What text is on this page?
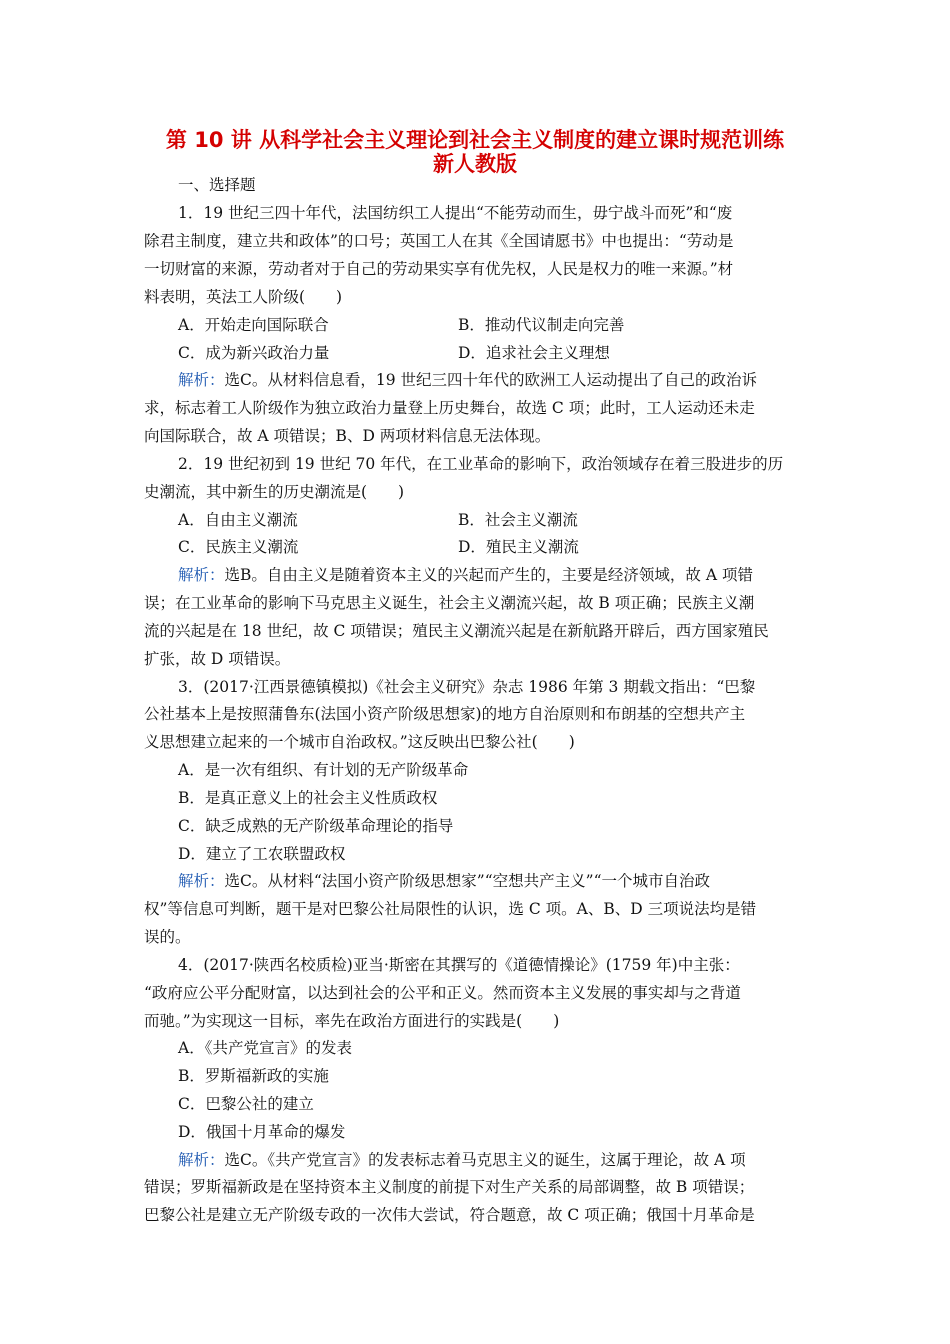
第 10 讲 从科学社会主义理论到社会主义制度的建立课时规范训练
新人教版
一、选择题
1．19 世纪三四十年代，法国纺织工人提出“不能劳动而生，毋宁战斗而死”和“废
除君主制度，建立共和政体”的口号；英国工人在其《全国请愿书》中也提出：“劳动是
一切财富的来源，劳动者对于自己的劳动果实享有优先权，人民是权力的唯一来源。”材
料表明，英法工人阶级(　　)
A．开始走向国际联合	B．推动代议制走向完善
C．成为新兴政治力量	D．追求社会主义理想
解析：选C。从材料信息看，19 世纪三四十年代的欧洲工人运动提出了自己的政治诉
求，标志着工人阶级作为独立政治力量登上历史舞台，故选 C 项；此时，工人运动还未走
向国际联合，故 A 项错误；B、D 两项材料信息无法体现。
2．19 世纪初到 19 世纪 70 年代，在工业革命的影响下，政治领域存在着三股进步的历
史潮流，其中新生的历史潮流是(　　)
A．自由主义潮流	B．社会主义潮流
C．民族主义潮流	D．殖民主义潮流
解析：选B。自由主义是随着资本主义的兴起而产生的，主要是经济领域，故 A 项错
误；在工业革命的影响下马克思主义诞生，社会主义潮流兴起，故 B 项正确；民族主义潮
流的兴起是在 18 世纪，故 C 项错误；殖民主义潮流兴起是在新航路开辟后，西方国家殖民
扩张，故 D 项错误。
3．(2017·江西景德镇模拟)《社会主义研究》杂志 1986 年第 3 期载文指出：“巴黎
公社基本上是按照蒲鲁东(法国小资产阶级思想家)的地方自治原则和布朗基的空想共产主
义思想建立起来的一个城市自治政权。”这反映出巴黎公社(　　)
A．是一次有组织、有计划的无产阶级革命
B．是真正意义上的社会主义性质政权
C．缺乏成熟的无产阶级革命理论的指导
D．建立了工农联盟政权
解析：选C。从材料“法国小资产阶级思想家”“空想共产主义”“一个城市自治政
权”等信息可判断，题干是对巴黎公社局限性的认识，选 C 项。A、B、D 三项说法均是错
误的。
4．(2017·陕西名校质检)亚当·斯密在其撰写的《道德情操论》(1759 年)中主张：
“政府应公平分配财富，以达到社会的公平和正义。然而资本主义发展的事实却与之背道
而驰。”为实现这一目标，率先在政治方面进行的实践是(　　)
A．《共产党宣言》的发表
B．罗斯福新政的实施
C．巴黎公社的建立
D．俄国十月革命的爆发
解析：选C。《共产党宣言》的发表标志着马克思主义的诞生，这属于理论，故 A 项
错误；罗斯福新政是在坚持资本主义制度的前提下对生产关系的局部调整，故 B 项错误；
巴黎公社是建立无产阶级专政的一次伟大尝试，符合题意，故 C 项正确；俄国十月革命是
